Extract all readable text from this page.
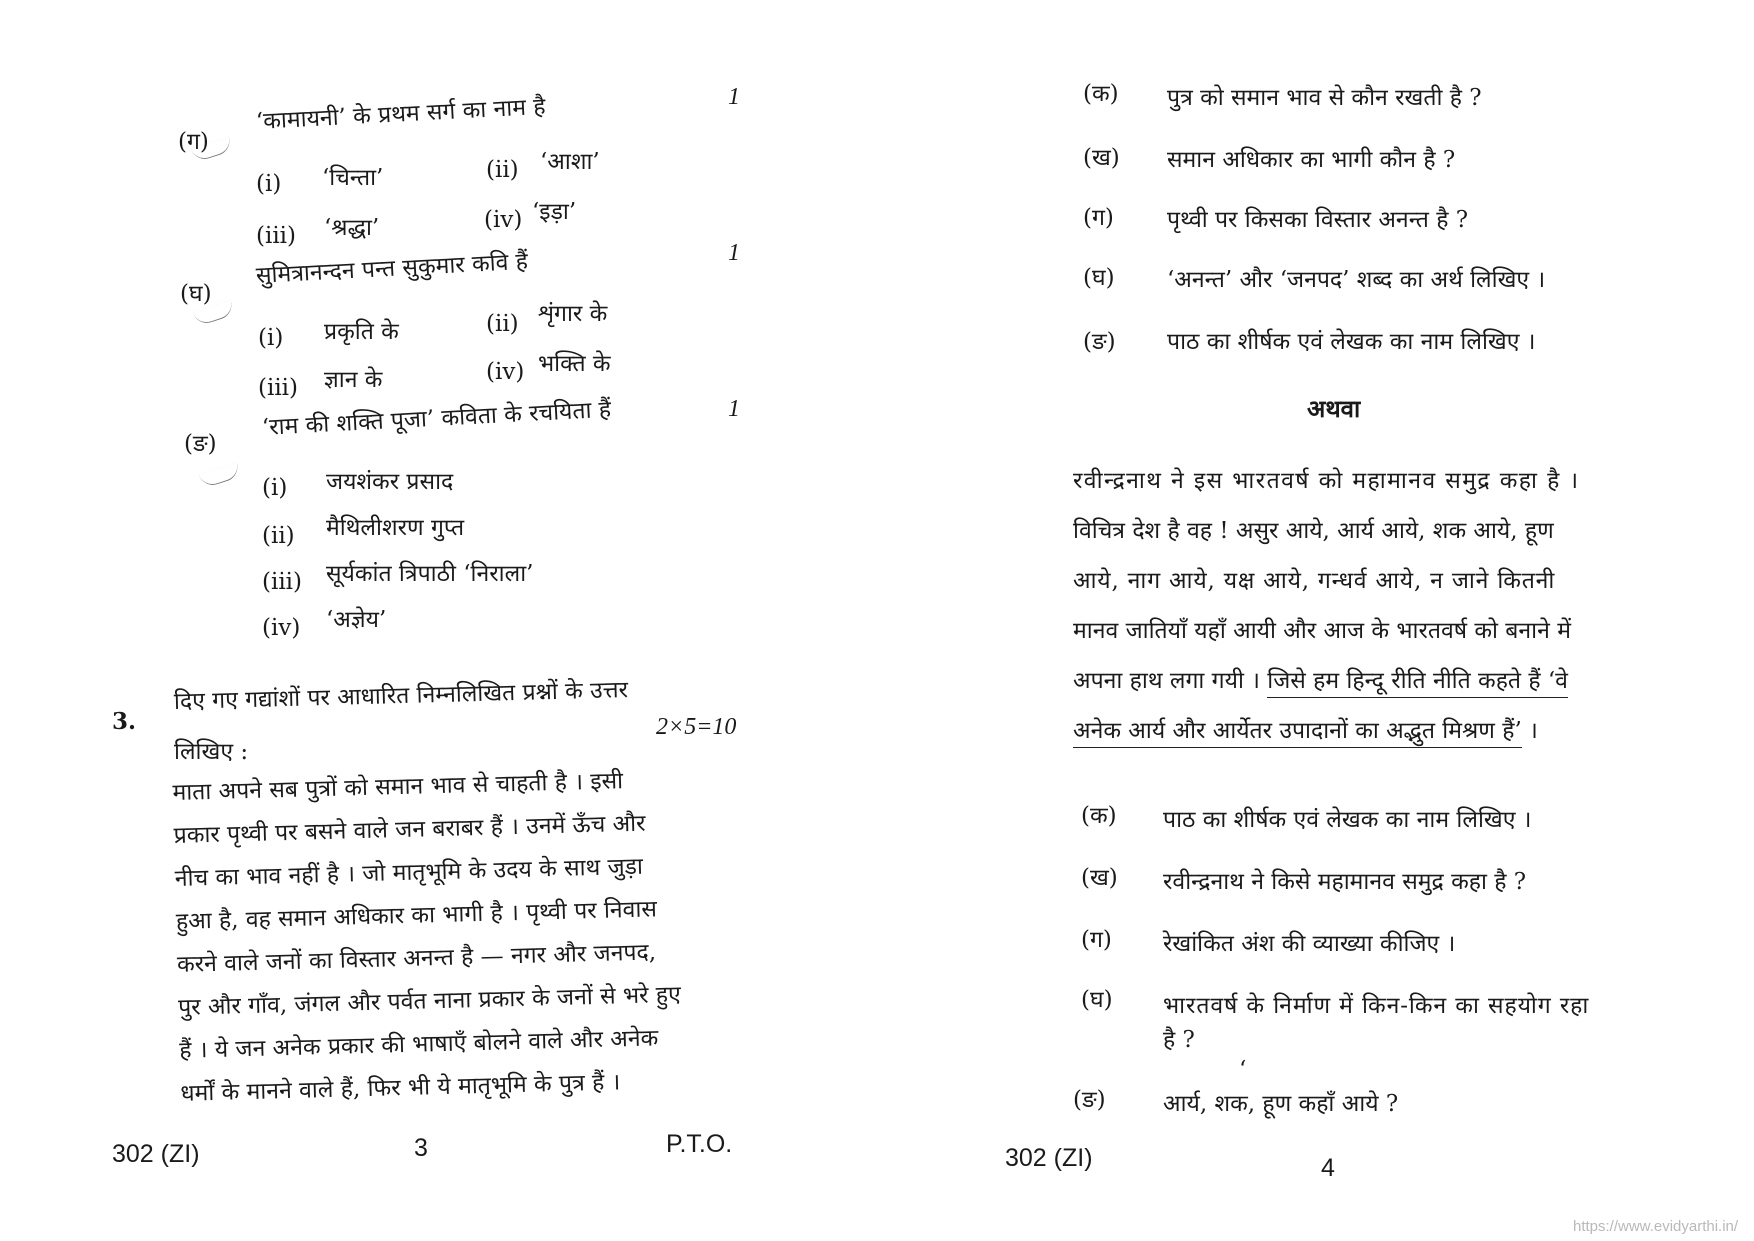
(ग)
‘कामायनी’ के प्रथम सर्ग का नाम है	1
(i) ‘चिन्ता’	(ii) ‘आशा’
(iii) ‘श्रद्धा’	(iv) ‘इड़ा’
1
(घ)
सुमित्रानन्दन पन्त सुकुमार कवि हैं
(i) प्रकृति के	(ii) शृंगार के
(iii) ज्ञान के	(iv) भक्ति के
1
(ङ)
‘राम की शक्ति पूजा’ कविता के रचयिता हैं
(i) जयशंकर प्रसाद
(ii) मैथिलीशरण गुप्त
(iii) सूर्यकांत त्रिपाठी ‘निराला’
(iv) ‘अज्ञेय’
3.
दिए गए गद्यांशों पर आधारित निम्नलिखित प्रश्नों के उत्तर
2×5=10
लिखिए :

माता अपने सब पुत्रों को समान भाव से चाहती है । इसी

प्रकार पृथ्वी पर बसने वाले जन बराबर हैं । उनमें ऊँच और

नीच का भाव नहीं है । जो मातृभूमि के उदय के साथ जुड़ा

हुआ है, वह समान अधिकार का भागी है । पृथ्वी पर निवास

करने वाले जनों का विस्तार अनन्त है — नगर और जनपद,

पुर और गाँव, जंगल और पर्वत नाना प्रकार के जनों से भरे हुए

हैं । ये जन अनेक प्रकार की भाषाएँ बोलने वाले और अनेक

धर्मों के मानने वाले हैं, फिर भी ये मातृभूमि के पुत्र हैं ।

302 (ZI)	3	P.T.O.
(क) पुत्र को समान भाव से कौन रखती है ?
(ख) समान अधिकार का भागी कौन है ?
(ग) पृथ्वी पर किसका विस्तार अनन्त है ?
(घ) ‘अनन्त’ और ‘जनपद’ शब्द का अर्थ लिखिए ।
(ङ) पाठ का शीर्षक एवं लेखक का नाम लिखिए ।
अथवा

रवीन्द्रनाथ ने इस भारतवर्ष को महामानव समुद्र कहा है ।

विचित्र देश है वह ! असुर आये, आर्य आये, शक आये, हूण

आये, नाग आये, यक्ष आये, गन्धर्व आये, न जाने कितनी

मानव जातियाँ यहाँ आयी और आज के भारतवर्ष को बनाने में

अपना हाथ लगा गयी । जिसे हम हिन्दू रीति नीति कहते हैं ‘वे

अनेक आर्य और आर्येतर उपादानों का अद्भुत मिश्रण हैं’ ।

(क) पाठ का शीर्षक एवं लेखक का नाम लिखिए ।
(ख) रवीन्द्रनाथ ने किसे महामानव समुद्र कहा है ?
(ग) रेखांकित अंश की व्याख्या कीजिए ।
(घ) भारतवर्ष के निर्माण में किन-किन का सहयोग रहा
है ?
ʻ
(ङ) आर्य, शक, हूण कहाँ आये ?
302 (ZI)	4
https://www.evidyarthi.in/
